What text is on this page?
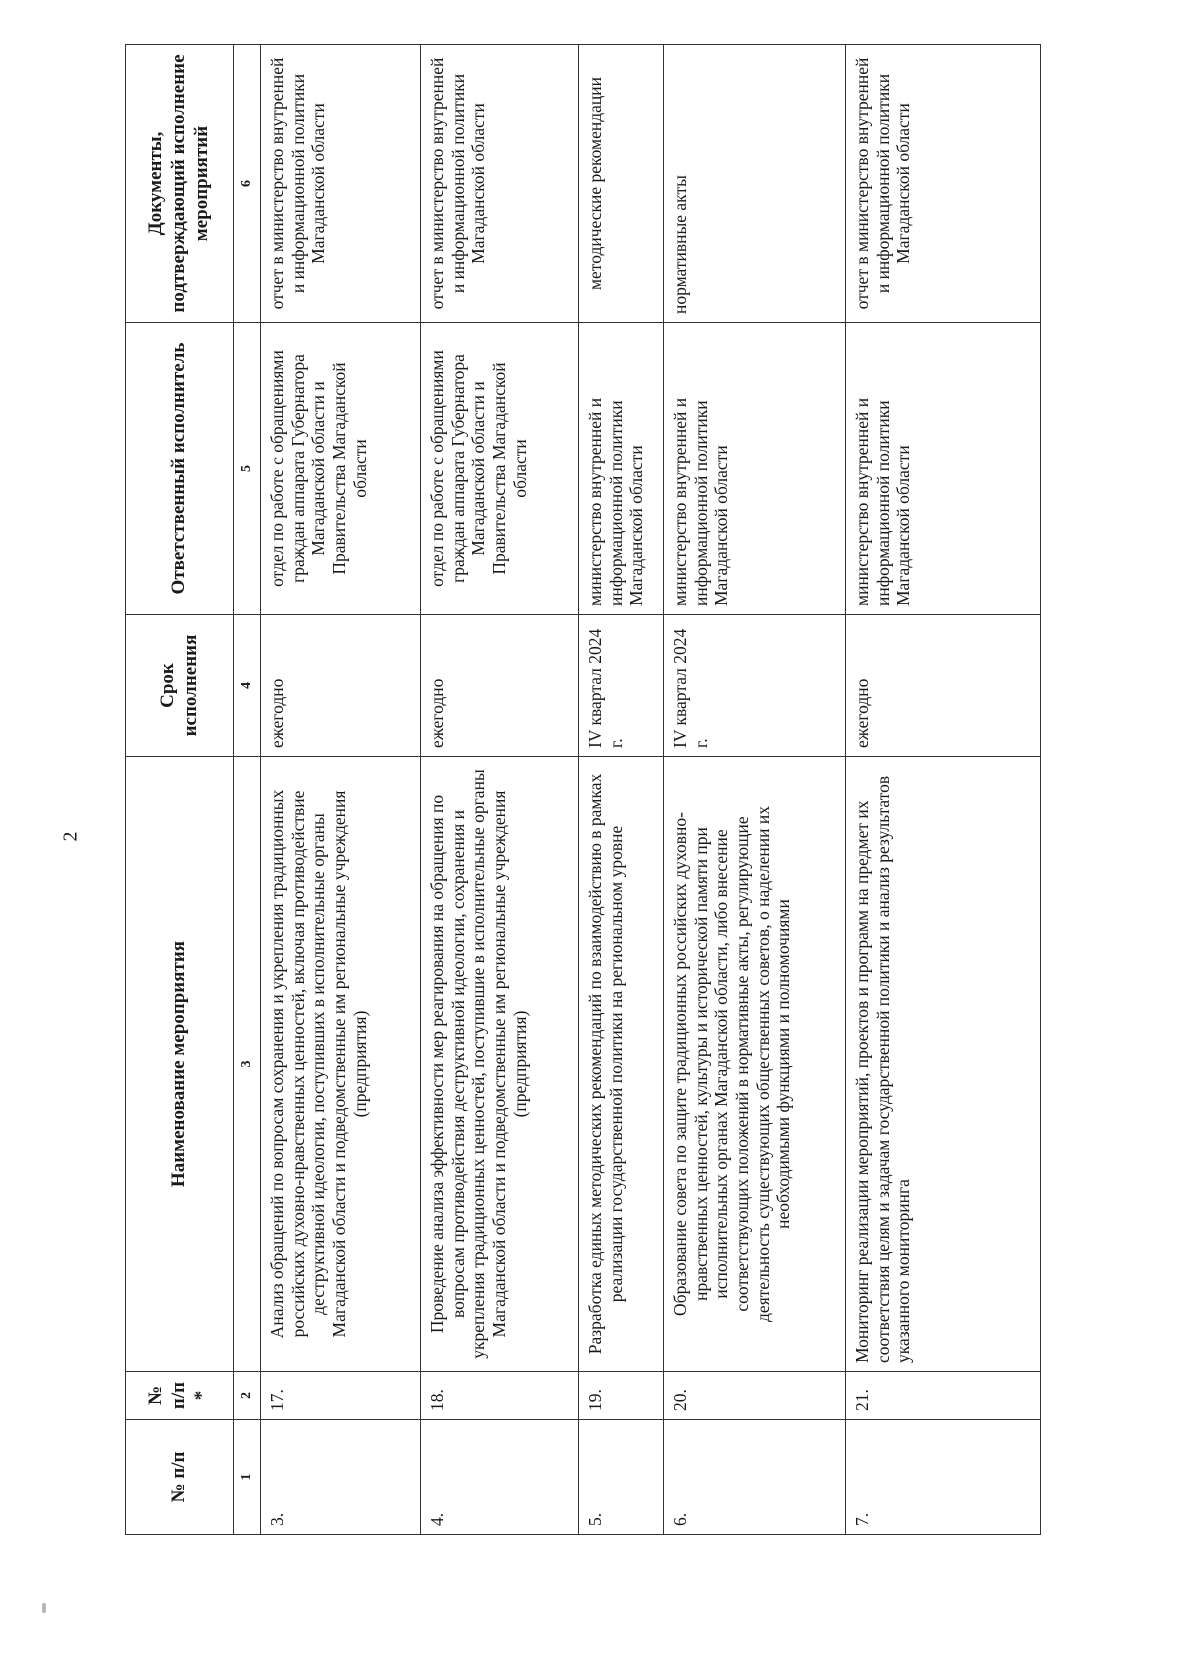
2
№ п/п	№ п/п *	Наименование мероприятия	Срок исполнения	Ответственный исполнитель	Документы, подтверждающий исполнение мероприятий
1	2	3	4	5	6
3.	17.	Анализ обращений по вопросам сохранения и укрепления традиционных российских духовно-нравственных ценностей, включая противодействие деструктивной идеологии, поступивших в исполнительные органы Магаданской области и подведомственные им региональные учреждения (предприятия)	ежегодно	отдел по работе с обращениями граждан аппарата Губернатора Магаданской области и Правительства Магаданской области	отчет в министерство внутренней и информационной политики Магаданской области
4.	18.	Проведение анализа эффективности мер реагирования на обращения по вопросам противодействия деструктивной идеологии, сохранения и укрепления традиционных ценностей, поступившие в исполнительные органы Магаданской области и подведомственные им региональные учреждения (предприятия)	ежегодно	отдел по работе с обращениями граждан аппарата Губернатора Магаданской области и Правительства Магаданской области	отчет в министерство внутренней и информационной политики Магаданской области
5.	19.	Разработка единых методических рекомендаций по взаимодействию в рамках реализации государственной политики на региональном уровне	IV квартал 2024 г.	министерство внутренней и информационной политики Магаданской области	методические рекомендации
6.	20.	Образование совета по защите традиционных российских духовно-нравственных ценностей, культуры и исторической памяти при исполнительных органах Магаданской области, либо внесение соответствующих положений в нормативные акты, регулирующие деятельность существующих общественных советов, о наделении их необходимыми функциями и полномочиями	IV квартал 2024 г.	министерство внутренней и информационной политики Магаданской области	нормативные акты
7.	21.	Мониторинг реализации мероприятий, проектов и программ на предмет их соответствия целям и задачам государственной политики и анализ результатов указанного мониторинга	ежегодно	министерство внутренней и информационной политики Магаданской области	отчет в министерство внутренней и информационной политики Магаданской области
